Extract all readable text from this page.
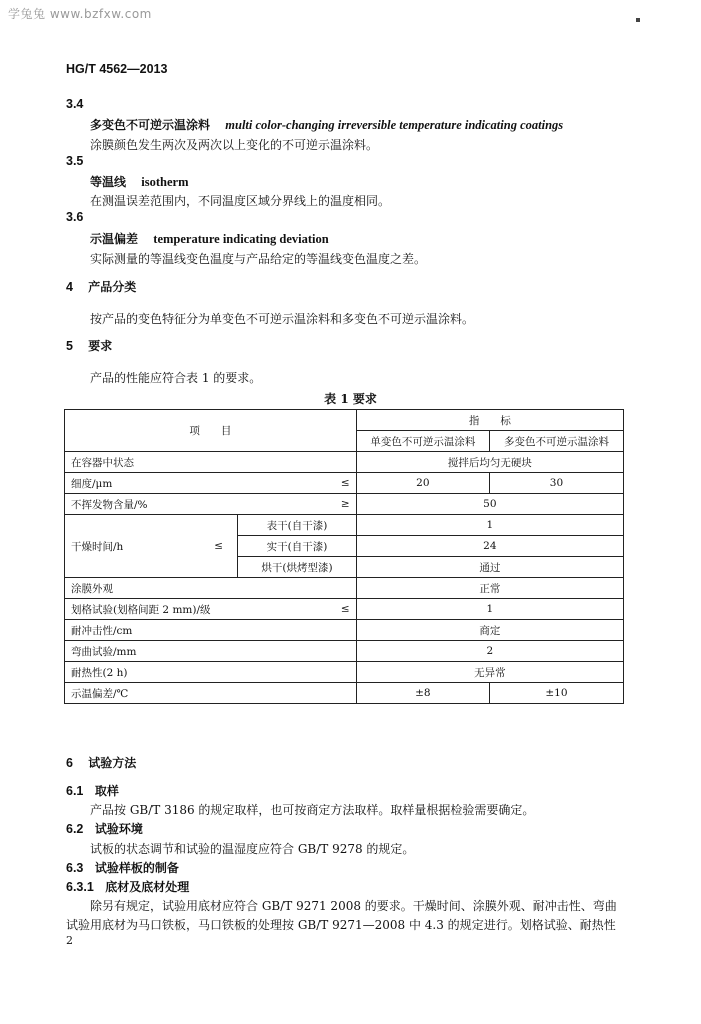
学兔兔 www.bzfxw.com
HG/T 4562—2013
3.4
多变色不可逆示温涂料 multi color-changing irreversible temperature indicating coatings
涂膜颜色发生两次及两次以上变化的不可逆示温涂料。
3.5
等温线 isotherm
在测温误差范围内，不同温度区域分界线上的温度相同。
3.6
示温偏差 temperature indicating deviation
实际测量的等温线变色温度与产品给定的等温线变色温度之差。
4 产品分类
按产品的变色特征分为单变色不可逆示温涂料和多变色不可逆示温涂料。
5 要求
产品的性能应符合表 1 的要求。
表 1 要求
项　　目				指　　标	
				单变色不可逆示温涂料	多变色不可逆示温涂料
在容器中状态				搅拌后均匀无硬块	
细度/μm			≤	20	30
不挥发物含量/%			≥	50	
干燥时间/h	≤	表干(自干漆)		1	
		实干(自干漆)		24	
		烘干(烘烤型漆)		通过	
涂膜外观				正常	
划格试验(划格间距 2 mm)/级			≤	1	
耐冲击性/cm				商定	
弯曲试验/mm				2	
耐热性(2 h)				无异常	
示温偏差/℃				±8	±10
6 试验方法
6.1 取样
产品按 GB/T 3186 的规定取样，也可按商定方法取样。取样量根据检验需要确定。
6.2 试验环境
试板的状态调节和试验的温湿度应符合 GB/T 9278 的规定。
6.3 试验样板的制备
6.3.1 底材及底材处理
除另有规定，试验用底材应符合 GB/T 9271 2008 的要求。干燥时间、涂膜外观、耐冲击性、弯曲
试验用底材为马口铁板，马口铁板的处理按 GB/T 9271—2008 中 4.3 的规定进行。划格试验、耐热性
2
